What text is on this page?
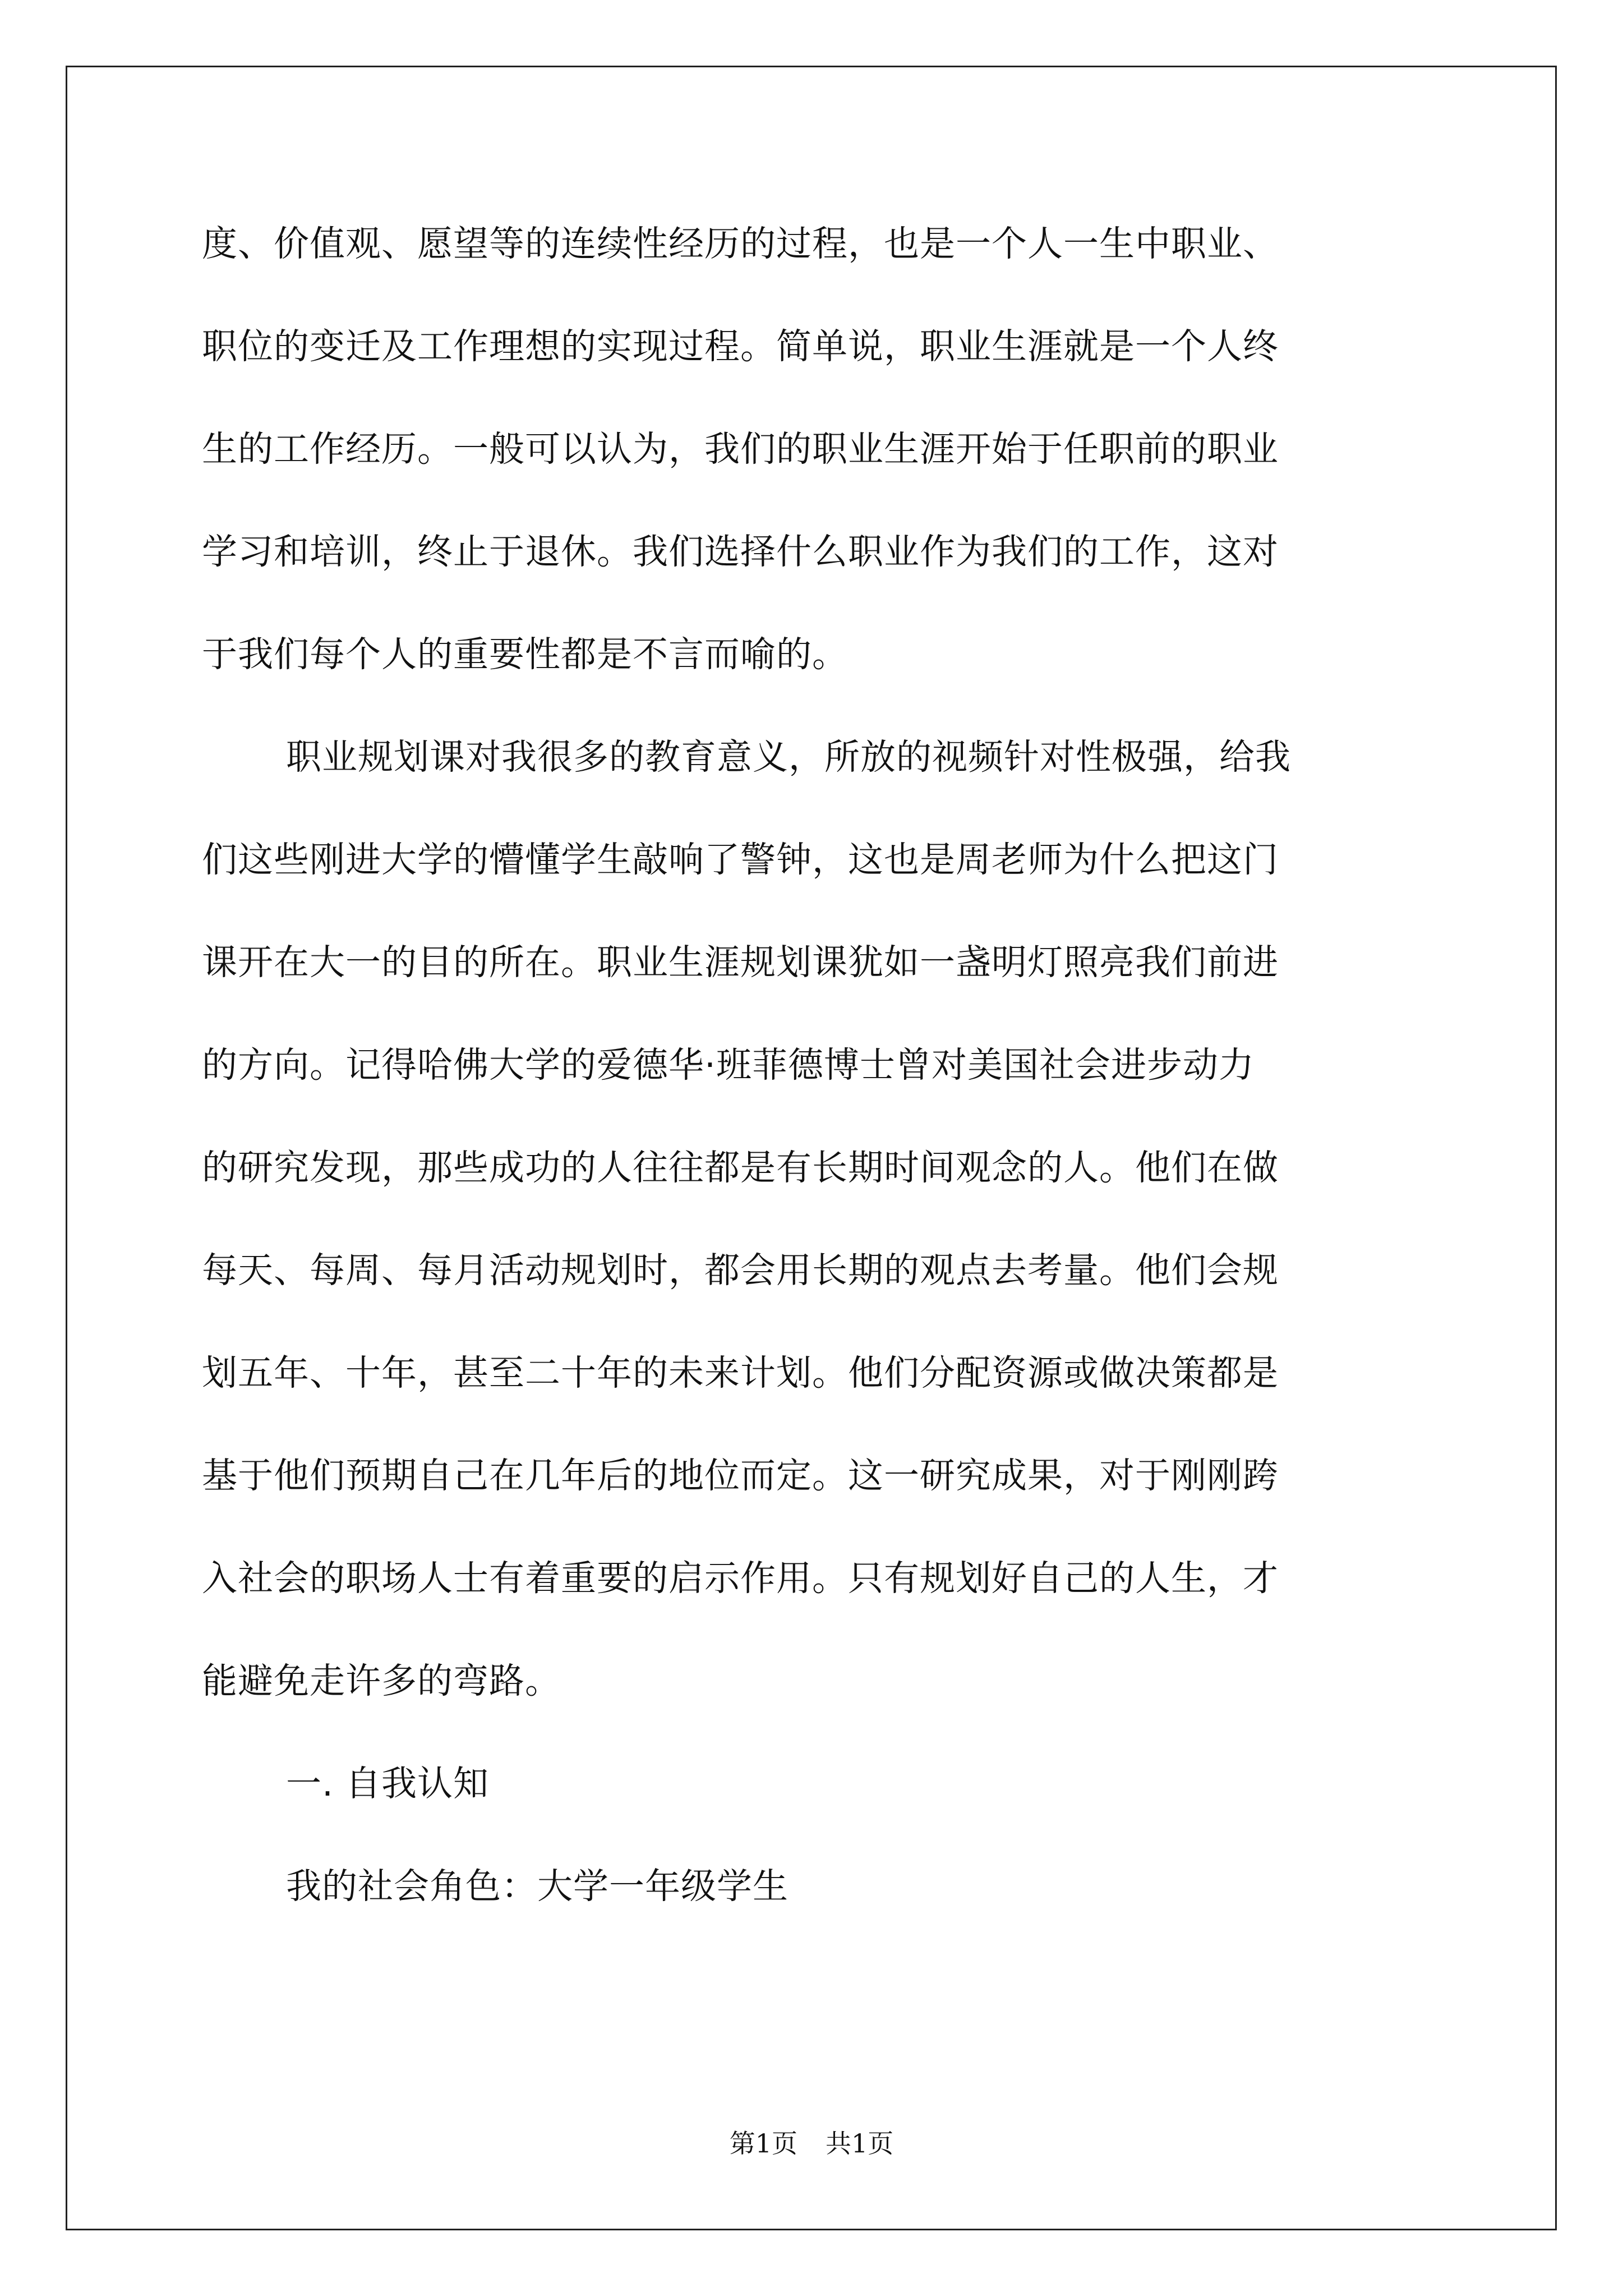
度、价值观、愿望等的连续性经历的过程，也是一个人一生中职业、
职位的变迁及工作理想的实现过程。简单说，职业生涯就是一个人终
生的工作经历。一般可以认为，我们的职业生涯开始于任职前的职业
学习和培训，终止于退休。我们选择什么职业作为我们的工作，这对
于我们每个人的重要性都是不言而喻的。
职业规划课对我很多的教育意义，所放的视频针对性极强，给我
们这些刚进大学的懵懂学生敲响了警钟，这也是周老师为什么把这门
课开在大一的目的所在。职业生涯规划课犹如一盏明灯照亮我们前进
的方向。记得哈佛大学的爱德华·班菲德博士曾对美国社会进步动力
的研究发现，那些成功的人往往都是有长期时间观念的人。他们在做
每天、每周、每月活动规划时，都会用长期的观点去考量。他们会规
划五年、十年，甚至二十年的未来计划。他们分配资源或做决策都是
基于他们预期自己在几年后的地位而定。这一研究成果，对于刚刚跨
入社会的职场人士有着重要的启示作用。只有规划好自己的人生，才
能避免走许多的弯路。
一. 自我认知
我的社会角色：大学一年级学生
第1页 共1页
